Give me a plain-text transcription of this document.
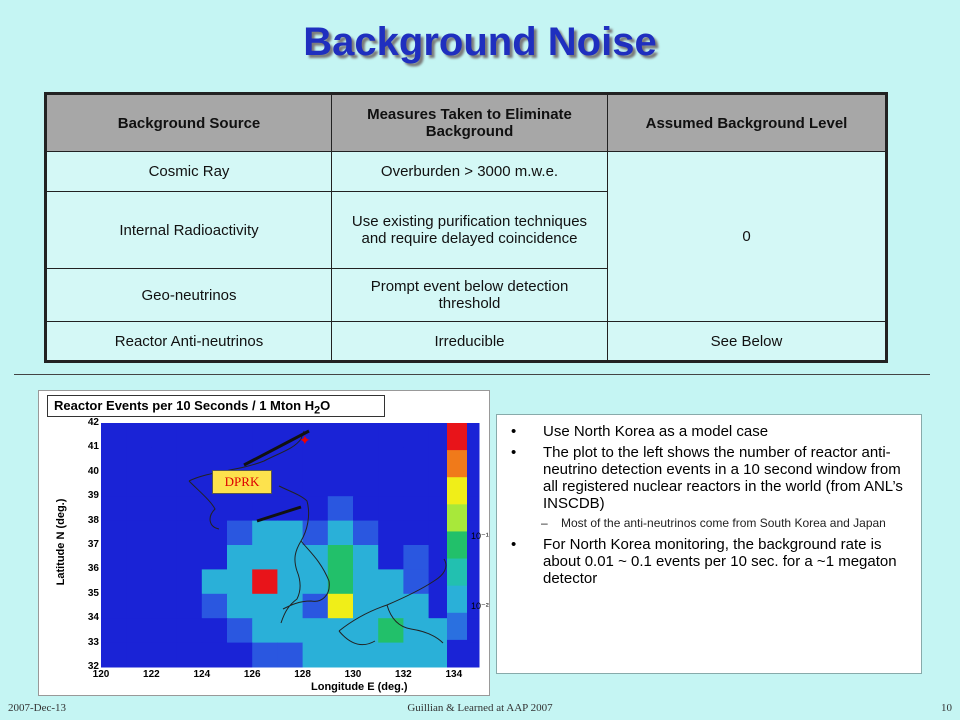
Background Noise
Background Source	Measures Taken to Eliminate Background	Assumed Background Level
Cosmic Ray	Overburden > 3000 m.w.e.	0
Internal Radioactivity	Use existing purification techniques and require delayed coincidence	
Geo-neutrinos	Prompt event below detection threshold	
Reactor Anti-neutrinos	Irreducible	See Below
✦
Reactor Events per 10 Seconds / 1 Mton $H_2O$
Latitude N (deg.)
Longitude E (deg.)
42
41
40
39
38
37
36
35
34
33
32
120	122	124	126	128	130	132	134
10⁻¹
10⁻²
DPRK
• Use North Korea as a model case
• The plot to the left shows the number of reactor anti-neutrino detection events in a 10 second window from all registered nuclear reactors in the world (from ANL’s INSCDB)
– Most of the anti-neutrinos come from South Korea and Japan
• For North Korea monitoring, the background rate is about 0.01 ~ 0.1 events per 10 sec. for a ~1 megaton detector
2007-Dec-13	Guillian & Learned at AAP 2007	10
